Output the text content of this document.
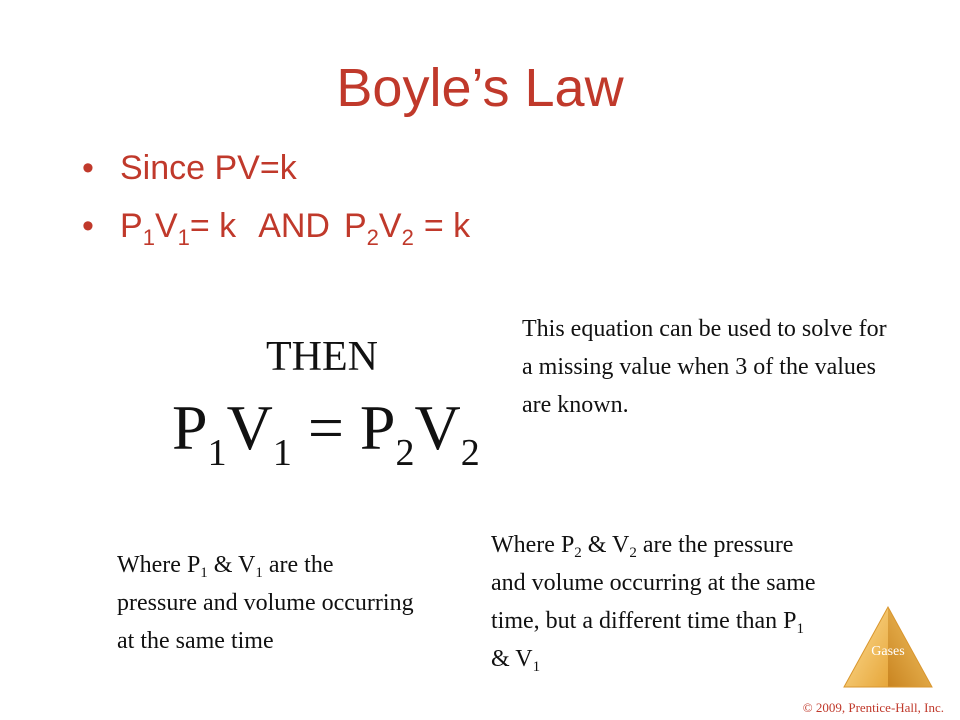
Boyle’s Law
• Since PV=k
• $P_1V_1= k$ AND $P_2V_2 = k$
THEN
$P_1V_1 = P_2V_2$
This equation can be used to solve for a missing value when 3 of the values are known.
Where $P_1$ & $V_1$ are the pressure and volume occurring at the same time
Where $P_2$ & $V_2$ are the pressure and volume occurring at the same time, but a different time than $P_1$ & $V_1$
Gases
© 2009, Prentice-Hall, Inc.
